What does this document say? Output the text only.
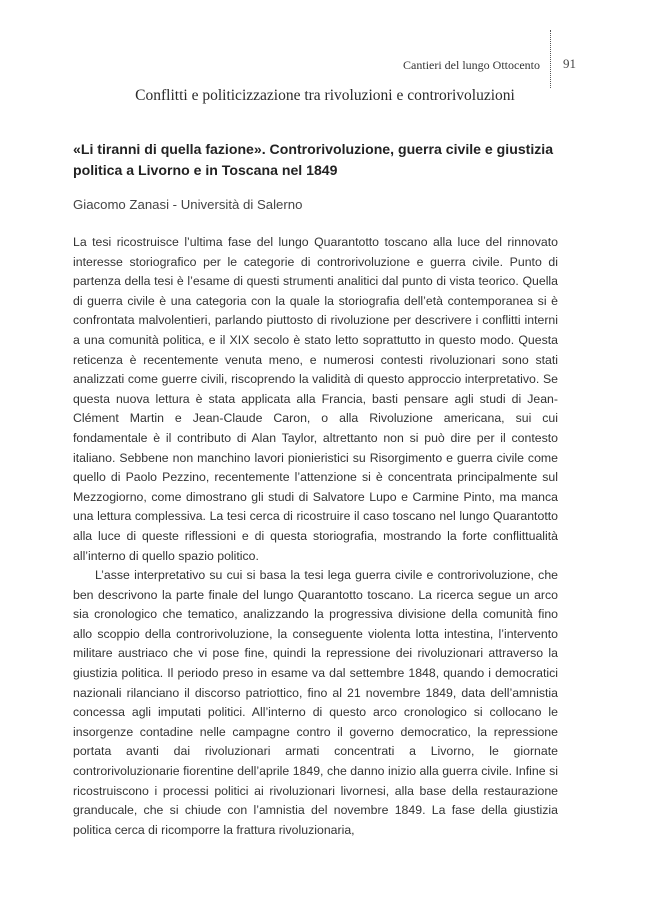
Cantieri del lungo Ottocento 91
Conflitti e politicizzazione tra rivoluzioni e controrivoluzioni
«Li tiranni di quella fazione». Controrivoluzione, guerra civile e giustizia politica a Livorno e in Toscana nel 1849
Giacomo Zanasi - Università di Salerno

La tesi ricostruisce l’ultima fase del lungo Quarantotto toscano alla luce del rinnovato interesse storiografico per le categorie di controrivoluzione e guerra civile. Punto di partenza della tesi è l’esame di questi strumenti analitici dal punto di vista teorico. Quella di guerra civile è una categoria con la quale la storiografia dell’età contemporanea si è confrontata malvolentieri, parlando piuttosto di rivoluzione per descrivere i conflitti interni a una comunità politica, e il XIX secolo è stato letto soprattutto in questo modo. Questa reticenza è recentemente venuta meno, e numerosi contesti rivoluzionari sono stati analizzati come guerre civili, riscoprendo la validità di questo approccio interpretativo. Se questa nuova lettura è stata applicata alla Francia, basti pensare agli studi di Jean-Clément Martin e Jean-Claude Caron, o alla Rivoluzione americana, sui cui fondamentale è il contributo di Alan Taylor, altrettanto non si può dire per il contesto italiano. Sebbene non manchino lavori pionieristici su Risorgimento e guerra civile come quello di Paolo Pezzino, recentemente l’attenzione si è concentrata principalmente sul Mezzogiorno, come dimostrano gli studi di Salvatore Lupo e Carmine Pinto, ma manca una lettura complessiva. La tesi cerca di ricostruire il caso toscano nel lungo Quarantotto alla luce di queste riflessioni e di questa storiografia, mostrando la forte conflittualità all’interno di quello spazio politico.

L’asse interpretativo su cui si basa la tesi lega guerra civile e controrivoluzione, che ben descrivono la parte finale del lungo Quarantotto toscano. La ricerca segue un arco sia cronologico che tematico, analizzando la progressiva divisione della comunità fino allo scoppio della controrivoluzione, la conseguente violenta lotta intestina, l’intervento militare austriaco che vi pose fine, quindi la repressione dei rivoluzionari attraverso la giustizia politica. Il periodo preso in esame va dal settembre 1848, quando i democratici nazionali rilanciano il discorso patriottico, fino al 21 novembre 1849, data dell’amnistia concessa agli imputati politici. All’interno di questo arco cronologico si collocano le insorgenze contadine nelle campagne contro il governo democratico, la repressione portata avanti dai rivoluzionari armati concentrati a Livorno, le giornate controrivoluzionarie fiorentine dell’aprile 1849, che danno inizio alla guerra civile. Infine si ricostruiscono i processi politici ai rivoluzionari livornesi, alla base della restaurazione granducale, che si chiude con l’amnistia del novembre 1849. La fase della giustizia politica cerca di ricomporre la frattura rivoluzionaria,
